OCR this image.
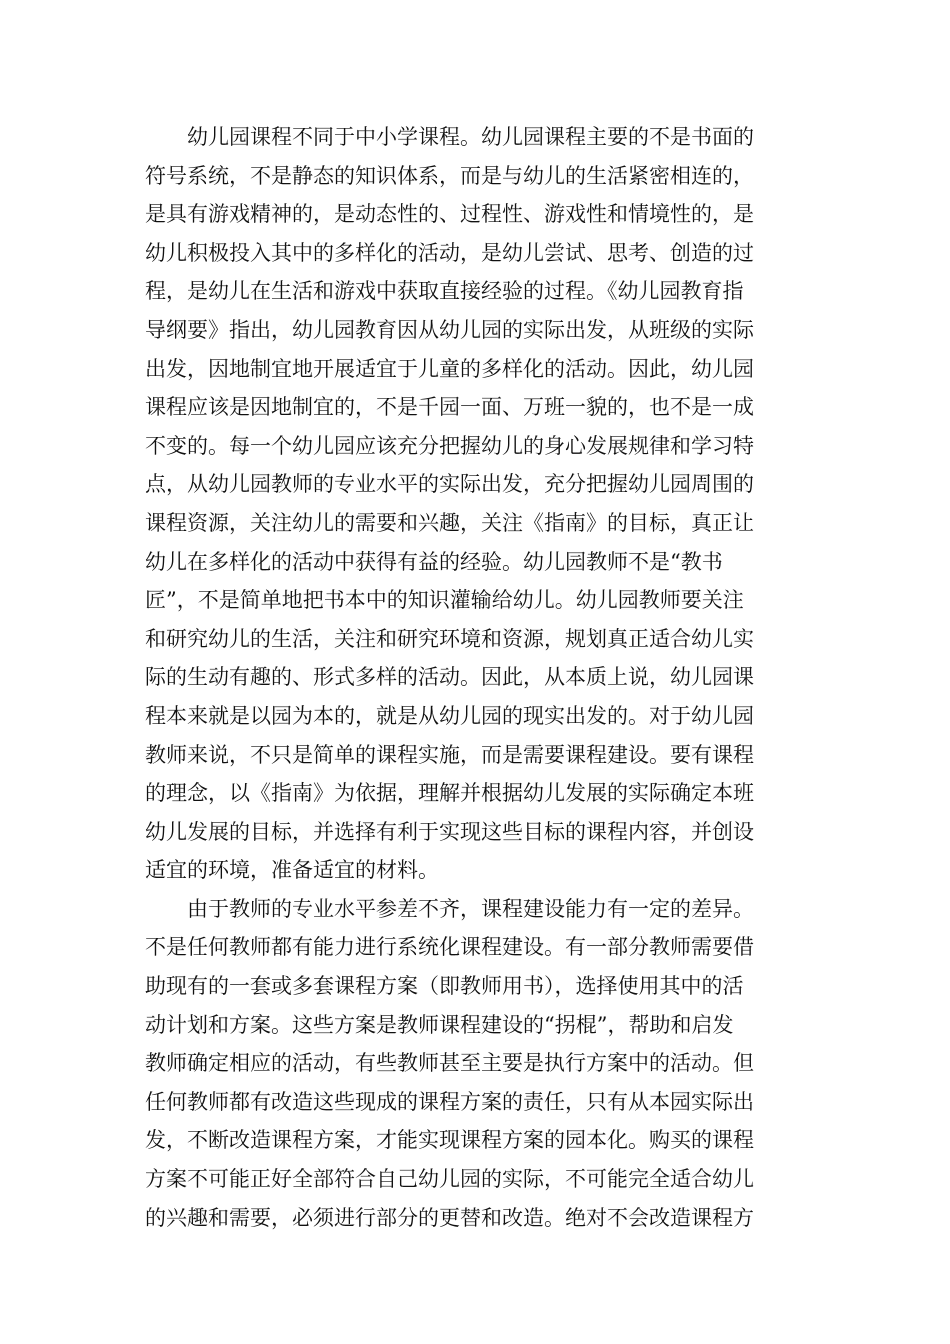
幼儿园课程不同于中小学课程。幼儿园课程主要的不是书面的
符号系统，不是静态的知识体系，而是与幼儿的生活紧密相连的，
是具有游戏精神的，是动态性的、过程性、游戏性和情境性的，是
幼儿积极投入其中的多样化的活动，是幼儿尝试、思考、创造的过
程，是幼儿在生活和游戏中获取直接经验的过程。《幼儿园教育指
导纲要》指出，幼儿园教育因从幼儿园的实际出发，从班级的实际
出发，因地制宜地开展适宜于儿童的多样化的活动。因此，幼儿园
课程应该是因地制宜的，不是千园一面、万班一貌的，也不是一成
不变的。每一个幼儿园应该充分把握幼儿的身心发展规律和学习特
点，从幼儿园教师的专业水平的实际出发，充分把握幼儿园周围的
课程资源，关注幼儿的需要和兴趣，关注《指南》的目标，真正让
幼儿在多样化的活动中获得有益的经验。幼儿园教师不是“教书
匠”，不是简单地把书本中的知识灌输给幼儿。幼儿园教师要关注
和研究幼儿的生活，关注和研究环境和资源，规划真正适合幼儿实
际的生动有趣的、形式多样的活动。因此，从本质上说，幼儿园课
程本来就是以园为本的，就是从幼儿园的现实出发的。对于幼儿园
教师来说，不只是简单的课程实施，而是需要课程建设。要有课程
的理念，以《指南》为依据，理解并根据幼儿发展的实际确定本班
幼儿发展的目标，并选择有利于实现这些目标的课程内容，并创设
适宜的环境，准备适宜的材料。
由于教师的专业水平参差不齐，课程建设能力有一定的差异。
不是任何教师都有能力进行系统化课程建设。有一部分教师需要借
助现有的一套或多套课程方案（即教师用书），选择使用其中的活
动计划和方案。这些方案是教师课程建设的“拐棍”，帮助和启发
教师确定相应的活动，有些教师甚至主要是执行方案中的活动。但
任何教师都有改造这些现成的课程方案的责任，只有从本园实际出
发，不断改造课程方案，才能实现课程方案的园本化。购买的课程
方案不可能正好全部符合自己幼儿园的实际，不可能完全适合幼儿
的兴趣和需要，必须进行部分的更替和改造。绝对不会改造课程方
